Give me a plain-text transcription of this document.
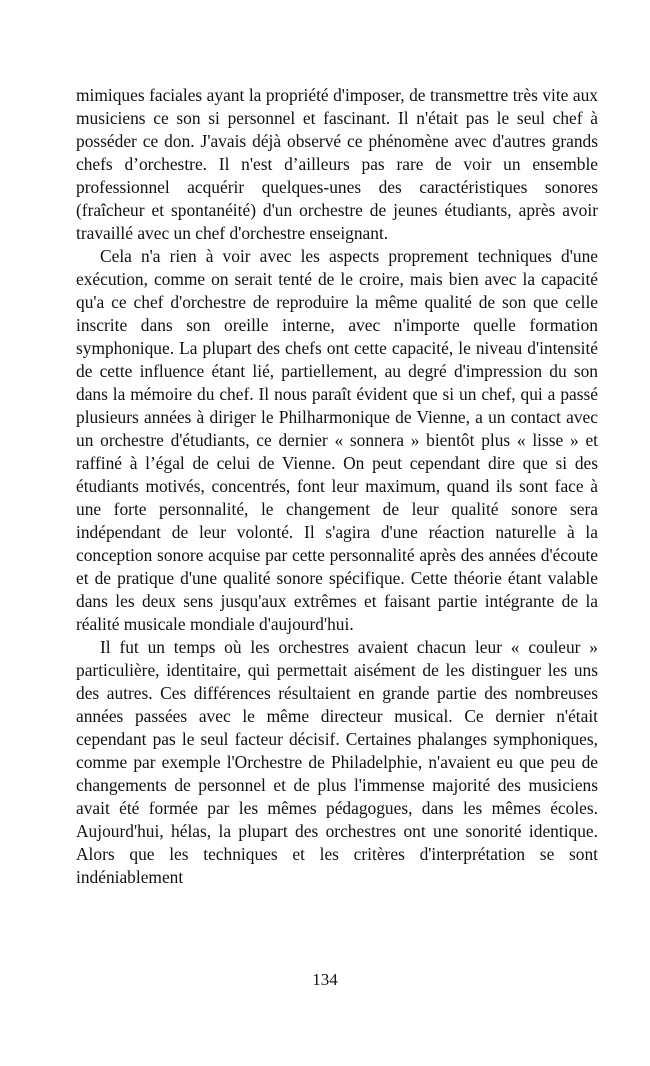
mimiques faciales ayant la propriété d'imposer, de transmettre très vite aux musiciens ce son si personnel et fascinant. Il n'était pas le seul chef à posséder ce don. J'avais déjà observé ce phénomène avec d'autres grands chefs d’orchestre. Il n'est d’ailleurs pas rare de voir un ensemble professionnel acquérir quelques-unes des caractéristiques sonores (fraîcheur et spontanéité) d'un orchestre de jeunes étudiants, après avoir travaillé avec un chef d'orchestre enseignant.

Cela n'a rien à voir avec les aspects proprement techniques d'une exécution, comme on serait tenté de le croire, mais bien avec la capacité qu'a ce chef d'orchestre de reproduire la même qualité de son que celle inscrite dans son oreille interne, avec n'importe quelle formation symphonique. La plupart des chefs ont cette capacité, le niveau d'intensité de cette influence étant lié, partiellement, au degré d'impression du son dans la mémoire du chef. Il nous paraît évident que si un chef, qui a passé plusieurs années à diriger le Philharmonique de Vienne, a un contact avec un orchestre d'étudiants, ce dernier « sonnera » bientôt plus « lisse » et raffiné à l’égal de celui de Vienne. On peut cependant dire que si des étudiants motivés, concentrés, font leur maximum, quand ils sont face à une forte personnalité, le changement de leur qualité sonore sera indépendant de leur volonté. Il s'agira d'une réaction naturelle à la conception sonore acquise par cette personnalité après des années d'écoute et de pratique d'une qualité sonore spécifique. Cette théorie étant valable dans les deux sens jusqu'aux extrêmes et faisant partie intégrante de la réalité musicale mondiale d'aujourd'hui.

Il fut un temps où les orchestres avaient chacun leur « couleur » particulière, identitaire, qui permettait aisément de les distinguer les uns des autres. Ces différences résultaient en grande partie des nombreuses années passées avec le même directeur musical. Ce dernier n'était cependant pas le seul facteur décisif. Certaines phalanges symphoniques, comme par exemple l'Orchestre de Philadelphie, n'avaient eu que peu de changements de personnel et de plus l'immense majorité des musiciens avait été formée par les mêmes pédagogues, dans les mêmes écoles. Aujourd'hui, hélas, la plupart des orchestres ont une sonorité identique. Alors que les techniques et les critères d'interprétation se sont indéniablement

134
